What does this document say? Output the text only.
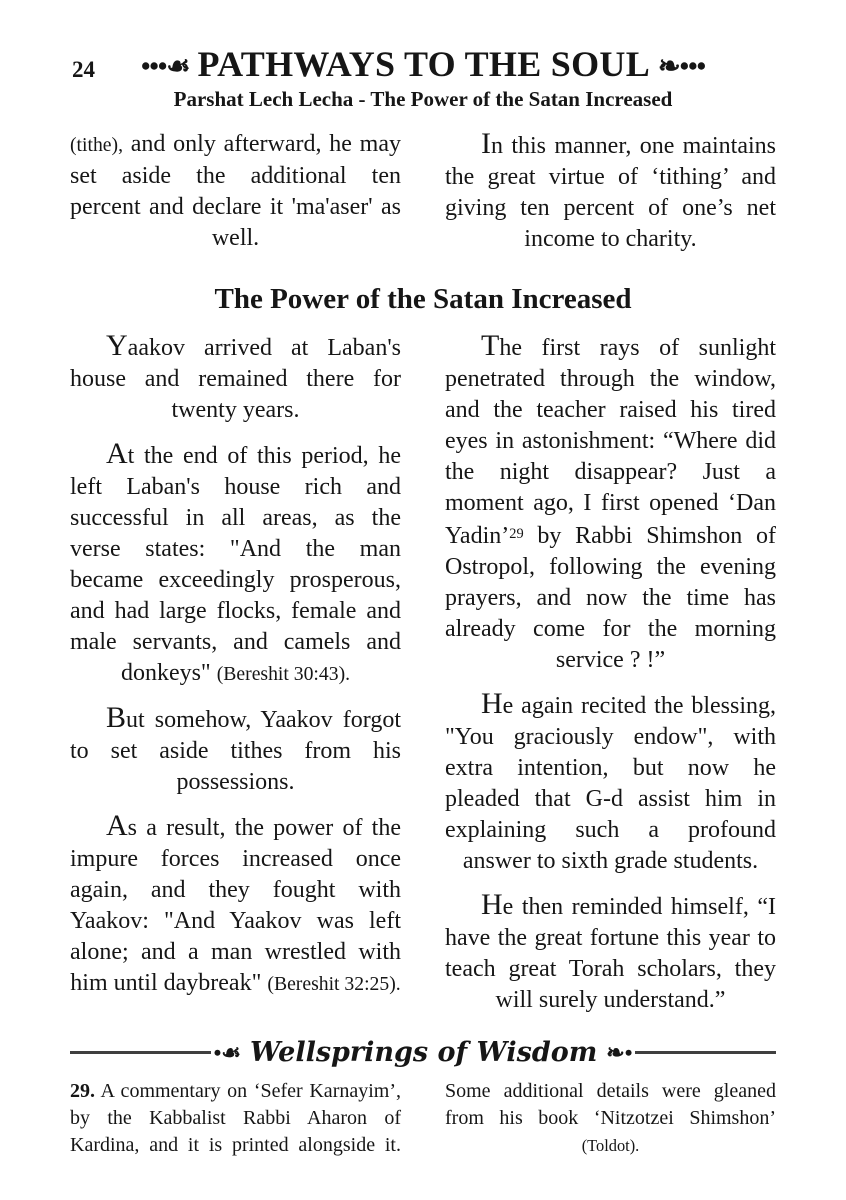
24 •••☙ PATHWAYS TO THE SOUL ❧•••
Parshat Lech Lecha - The Power of the Satan Increased

(tithe), and only afterward, he may set aside the additional ten percent and declare it 'ma'aser' as well.

In this manner, one maintains the great virtue of ‘tithing’ and giving ten percent of one’s net income to charity.

The Power of the Satan Increased

Yaakov arrived at Laban's house and remained there for twenty years.

At the end of this period, he left Laban's house rich and successful in all areas, as the verse states: "And the man became exceedingly prosperous, and had large flocks, female and male servants, and camels and donkeys" (Bereshit 30:43).

But somehow, Yaakov forgot to set aside tithes from his possessions.

As a result, the power of the impure forces increased once again, and they fought with Yaakov: "And Yaakov was left alone; and a man wrestled with him until daybreak" (Bereshit 32:25).

The first rays of sunlight penetrated through the window, and the teacher raised his tired eyes in astonishment: “Where did the night disappear? Just a moment ago, I first opened ‘Dan Yadin’$^{29}$ by Rabbi Shimshon of Ostropol, following the evening prayers, and now the time has already come for the morning service ? !”

He again recited the blessing, "You graciously endow", with extra intention, but now he pleaded that G-d assist him in explaining such a profound answer to sixth grade students.

He then reminded himself, “I have the great fortune this year to teach great Torah scholars, they will surely understand.”

•☙ Wellsprings of Wisdom ❧•

29. A commentary on ‘Sefer Karnayim’, by the Kabbalist Rabbi Aharon of Kardina, and it is printed alongside it.

Some additional details were gleaned from his book ‘Nitzotzei Shimshon’ (Toldot).
